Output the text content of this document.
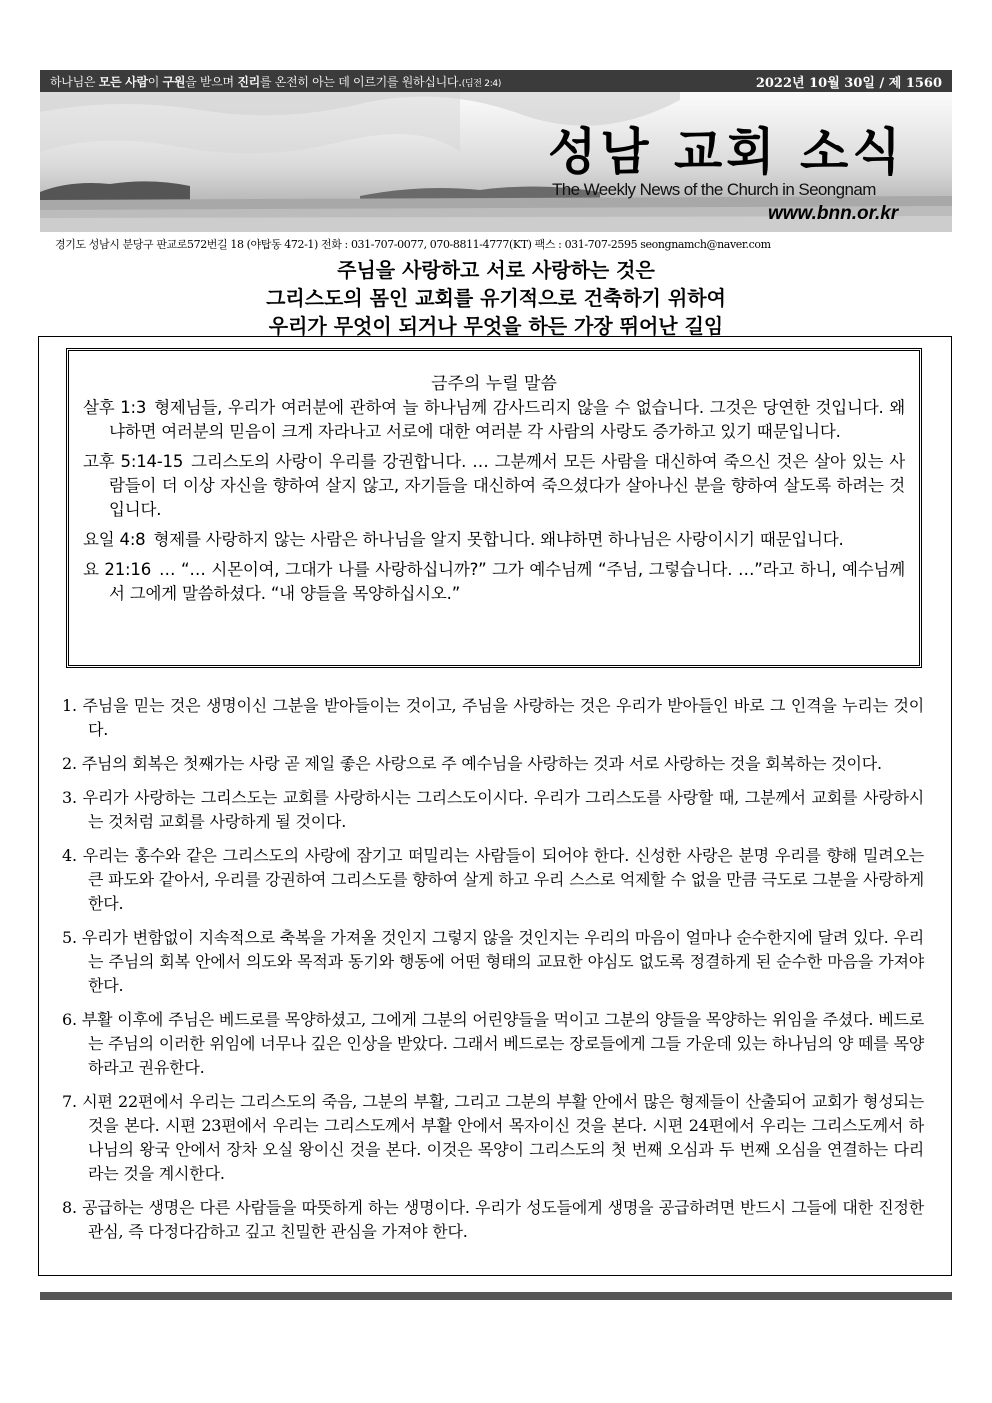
하나님은 모든 사람이 구원을 받으며 진리를 온전히 아는 데 이르기를 원하십니다.(딤전 2:4)	2022년 10월 30일 / 제 1560
성남 교회 소식
The Weekly News of the Church in Seongnam
www.bnn.or.kr
경기도 성남시 분당구 판교로572번길 18 (야탑동 472-1) 전화 : 031-707-0077, 070-8811-4777(KT) 팩스 : 031-707-2595 seongnamch@naver.com
주님을 사랑하고 서로 사랑하는 것은
그리스도의 몸인 교회를 유기적으로 건축하기 위하여
우리가 무엇이 되거나 무엇을 하든 가장 뛰어난 길임
금주의 누릴 말씀
살후 1:3 형제님들, 우리가 여러분에 관하여 늘 하나님께 감사드리지 않을 수 없습니다. 그것은 당연한 것입니다. 왜냐하면 여러분의 믿음이 크게 자라나고 서로에 대한 여러분 각 사람의 사랑도 증가하고 있기 때문입니다.
고후 5:14-15 그리스도의 사랑이 우리를 강권합니다. … 그분께서 모든 사람을 대신하여 죽으신 것은 살아 있는 사람들이 더 이상 자신을 향하여 살지 않고, 자기들을 대신하여 죽으셨다가 살아나신 분을 향하여 살도록 하려는 것입니다.
요일 4:8 형제를 사랑하지 않는 사람은 하나님을 알지 못합니다. 왜냐하면 하나님은 사랑이시기 때문입니다.
요 21:16 … “… 시몬이여, 그대가 나를 사랑하십니까?” 그가 예수님께 “주님, 그렇습니다. …”라고 하니, 예수님께서 그에게 말씀하셨다. “내 양들을 목양하십시오.”
1. 주님을 믿는 것은 생명이신 그분을 받아들이는 것이고, 주님을 사랑하는 것은 우리가 받아들인 바로 그 인격을 누리는 것이다.
2. 주님의 회복은 첫째가는 사랑 곧 제일 좋은 사랑으로 주 예수님을 사랑하는 것과 서로 사랑하는 것을 회복하는 것이다.
3. 우리가 사랑하는 그리스도는 교회를 사랑하시는 그리스도이시다. 우리가 그리스도를 사랑할 때, 그분께서 교회를 사랑하시는 것처럼 교회를 사랑하게 될 것이다.
4. 우리는 홍수와 같은 그리스도의 사랑에 잠기고 떠밀리는 사람들이 되어야 한다. 신성한 사랑은 분명 우리를 향해 밀려오는 큰 파도와 같아서, 우리를 강권하여 그리스도를 향하여 살게 하고 우리 스스로 억제할 수 없을 만큼 극도로 그분을 사랑하게 한다.
5. 우리가 변함없이 지속적으로 축복을 가져올 것인지 그렇지 않을 것인지는 우리의 마음이 얼마나 순수한지에 달려 있다. 우리는 주님의 회복 안에서 의도와 목적과 동기와 행동에 어떤 형태의 교묘한 야심도 없도록 정결하게 된 순수한 마음을 가져야 한다.
6. 부활 이후에 주님은 베드로를 목양하셨고, 그에게 그분의 어린양들을 먹이고 그분의 양들을 목양하는 위임을 주셨다. 베드로는 주님의 이러한 위임에 너무나 깊은 인상을 받았다. 그래서 베드로는 장로들에게 그들 가운데 있는 하나님의 양 떼를 목양하라고 권유한다.
7. 시편 22편에서 우리는 그리스도의 죽음, 그분의 부활, 그리고 그분의 부활 안에서 많은 형제들이 산출되어 교회가 형성되는 것을 본다. 시편 23편에서 우리는 그리스도께서 부활 안에서 목자이신 것을 본다. 시편 24편에서 우리는 그리스도께서 하나님의 왕국 안에서 장차 오실 왕이신 것을 본다. 이것은 목양이 그리스도의 첫 번째 오심과 두 번째 오심을 연결하는 다리라는 것을 계시한다.
8. 공급하는 생명은 다른 사람들을 따뜻하게 하는 생명이다. 우리가 성도들에게 생명을 공급하려면 반드시 그들에 대한 진정한 관심, 즉 다정다감하고 깊고 친밀한 관심을 가져야 한다.
